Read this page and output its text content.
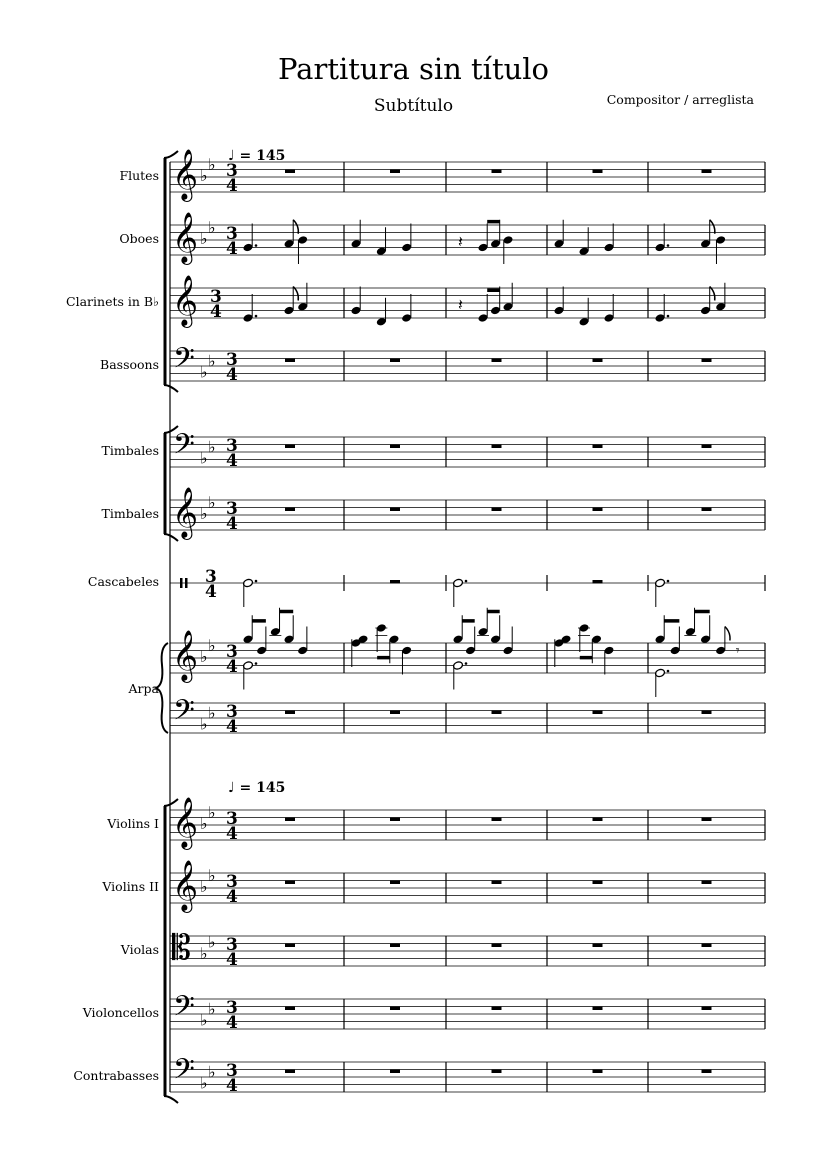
Partitura sin título
Subtítulo	Compositor / arreglista
♩ = 145
♩ = 145
Flutes
Oboes
Clarinets in B♭
Bassoons
Timbales
Timbales
Cascabeles
Arpa
Violins I
Violins II
Violas
Violoncellos
Contrabasses
𝄞 ♭
♭ 3
4
𝄞 ♭
♭ 3
4	𝄽
𝄞 3
4	𝄽
𝄢 ♭
♭ 3
4
𝄢 ♭
♭ 3
4
𝄞 ♭
♭ 3
4
3
4
𝄞 ♭
♭ 3
4
𝄾
𝄢 ♭
♭ 3
4
𝄞 ♭
♭ 3
4
𝄞 ♭
♭ 3
4
𝄡 ♭
♭ 3
4
𝄢 ♭
♭ 3
4
𝄢 ♭
♭ 3
4
